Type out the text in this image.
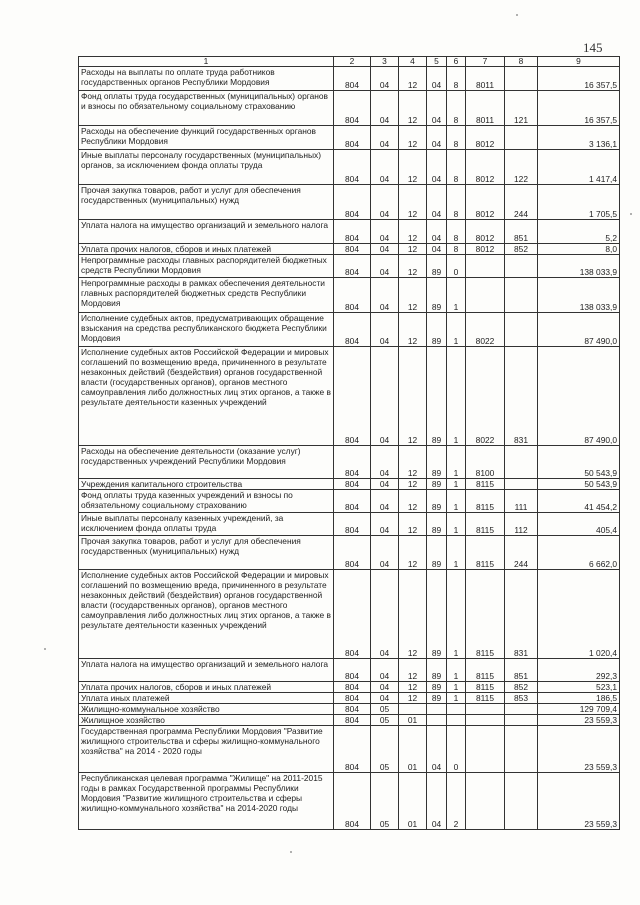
145
1	2	3	4	5	6	7	8	9
Расходы на выплаты по оплате труда работников государственных органов Республики Мордовия	804	04	12	04	8	8011		16 357,5
Фонд оплаты труда государственных (муниципальных) органов и взносы по обязательному социальному страхованию	804	04	12	04	8	8011	121	16 357,5
Расходы на обеспечение функций государственных органов Республики Мордовия	804	04	12	04	8	8012		3 136,1
Иные выплаты персоналу государственных (муниципальных) органов, за исключением фонда оплаты труда	804	04	12	04	8	8012	122	1 417,4
Прочая закупка товаров, работ и услуг для обеспечения государственных (муниципальных) нужд	804	04	12	04	8	8012	244	1 705,5
Уплата налога на имущество организаций и земельного налога	804	04	12	04	8	8012	851	5,2
Уплата прочих налогов, сборов и иных платежей	804	04	12	04	8	8012	852	8,0
Непрограммные расходы главных распорядителей бюджетных средств Республики Мордовия	804	04	12	89	0			138 033,9
Непрограммные расходы в рамках обеспечения деятельности главных распорядителей бюджетных средств Республики Мордовия	804	04	12	89	1			138 033,9
Исполнение судебных актов, предусматривающих обращение взыскания на средства республиканского бюджета Республики Мордовия	804	04	12	89	1	8022		87 490,0
Исполнение судебных актов Российской Федерации и мировых соглашений по возмещению вреда, причиненного в результате незаконных действий (бездействия) органов государственной власти (государственных органов), органов местного самоуправления либо должностных лиц этих органов, а также в результате деятельности казенных учреждений	804	04	12	89	1	8022	831	87 490,0
Расходы на обеспечение деятельности (оказание услуг) государственных учреждений Республики Мордовия	804	04	12	89	1	8100		50 543,9
Учреждения капитального строительства	804	04	12	89	1	8115		50 543,9
Фонд оплаты труда казенных учреждений и взносы по обязательному социальному страхованию	804	04	12	89	1	8115	111	41 454,2
Иные выплаты персоналу казенных учреждений, за исключением фонда оплаты труда	804	04	12	89	1	8115	112	405,4
Прочая закупка товаров, работ и услуг для обеспечения государственных (муниципальных) нужд	804	04	12	89	1	8115	244	6 662,0
Исполнение судебных актов Российской Федерации и мировых соглашений по возмещению вреда, причиненного в результате незаконных действий (бездействия) органов государственной власти (государственных органов), органов местного самоуправления либо должностных лиц этих органов, а также в результате деятельности казенных учреждений	804	04	12	89	1	8115	831	1 020,4
Уплата налога на имущество организаций и земельного налога	804	04	12	89	1	8115	851	292,3
Уплата прочих налогов, сборов и иных платежей	804	04	12	89	1	8115	852	523,1
Уплата иных платежей	804	04	12	89	1	8115	853	186,5
Жилищно-коммунальное хозяйство	804	05						129 709,4
Жилищное хозяйство	804	05	01					23 559,3
Государственная программа Республики Мордовия "Развитие жилищного строительства и сферы жилищно-коммунального хозяйства" на 2014 - 2020 годы	804	05	01	04	0			23 559,3
Республиканская целевая программа "Жилище" на 2011-2015 годы в рамках Государственной программы Республики Мордовия "Развитие жилищного строительства и сферы жилищно-коммунального хозяйства" на 2014-2020 годы	804	05	01	04	2			23 559,3
